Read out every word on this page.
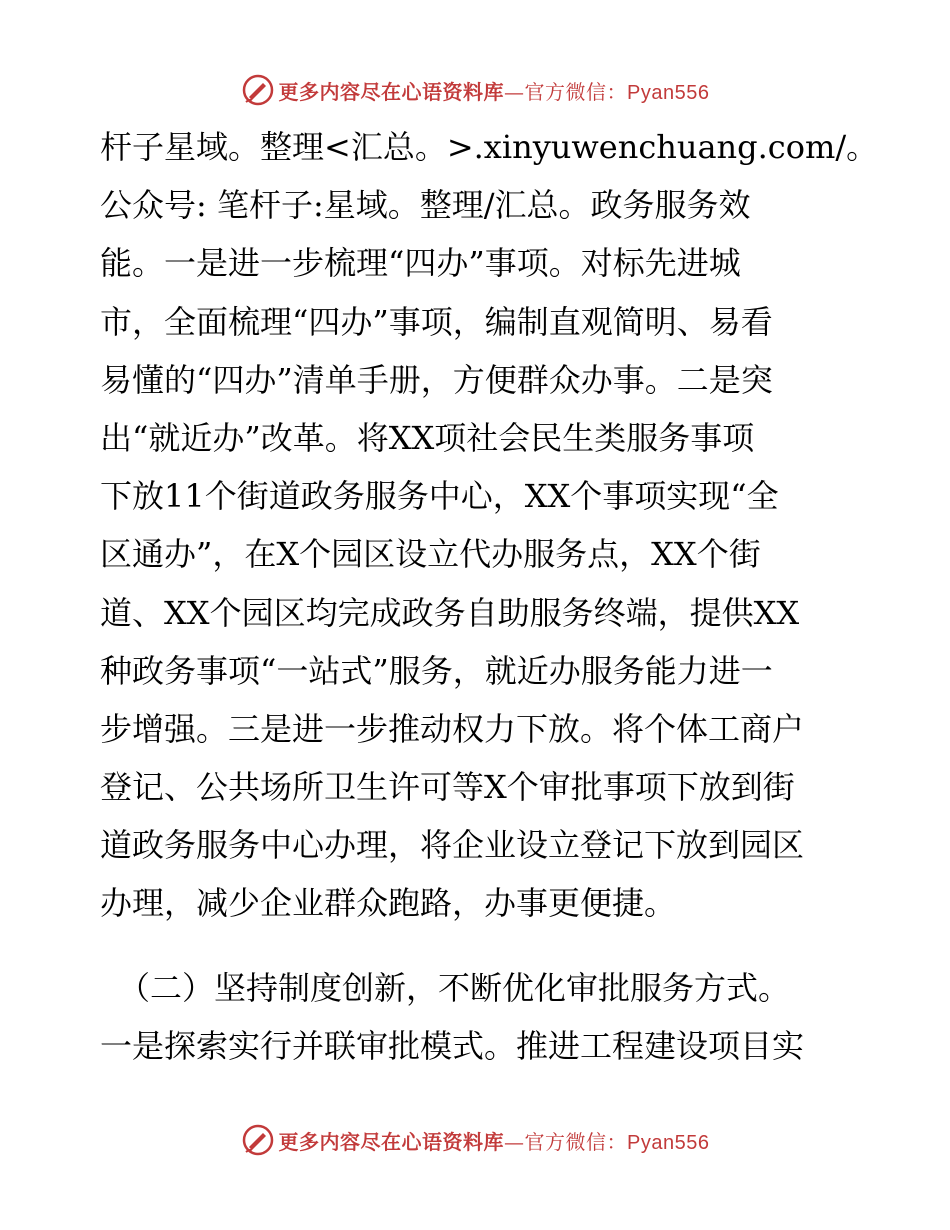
更多内容尽在心语资料库—官方微信：Pyan556
杆子星域。整理<汇总。>.xinyuwenchuang.com/。
公众号: 笔杆子:星域。整理/汇总。政务服务效
能。一是进一步梳理“四办”事项。对标先进城
市，全面梳理“四办”事项，编制直观简明、易看
易懂的“四办”清单手册，方便群众办事。二是突
出“就近办”改革。将XX项社会民生类服务事项
下放11个街道政务服务中心，XX个事项实现“全
区通办”，在X个园区设立代办服务点，XX个街
道、XX个园区均完成政务自助服务终端，提供XX
种政务事项“一站式”服务，就近办服务能力进一
步增强。三是进一步推动权力下放。将个体工商户
登记、公共场所卫生许可等X个审批事项下放到街
道政务服务中心办理，将企业设立登记下放到园区
办理，减少企业群众跑路，办事更便捷。
（二）坚持制度创新，不断优化审批服务方式。
一是探索实行并联审批模式。推进工程建设项目实
更多内容尽在心语资料库—官方微信：Pyan556
